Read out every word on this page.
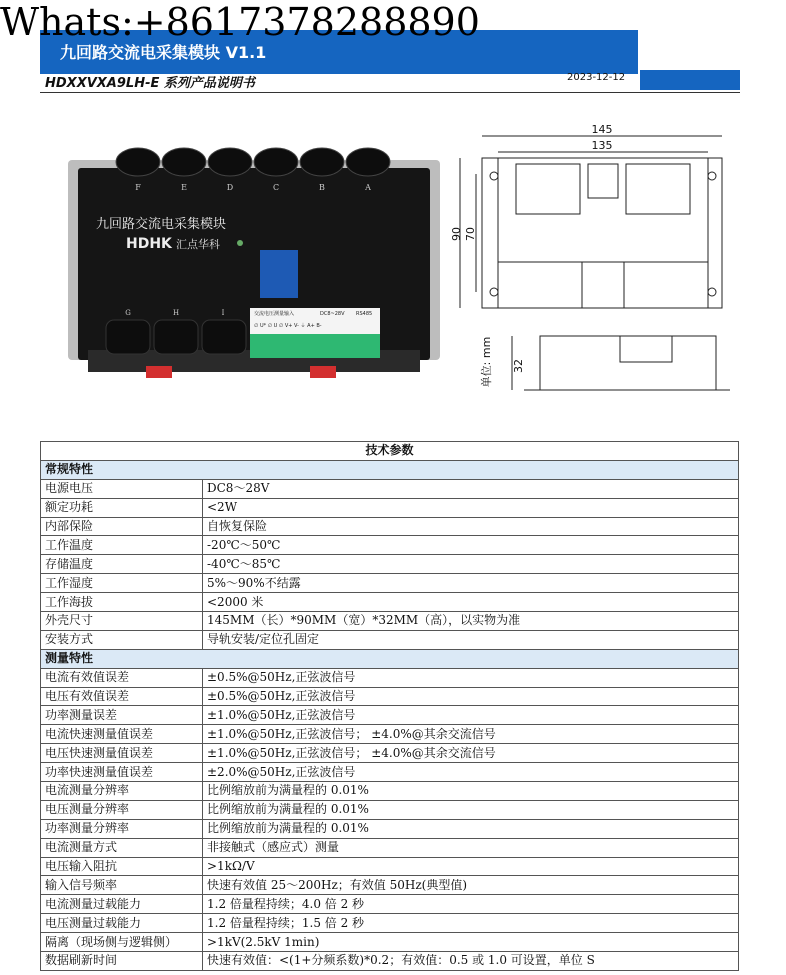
九回路交流电采集模块 V1.1
Whats:+8617378288890
HDXXVXA9LH-E 系列产品说明书	2023-12-12
F	E	D	C	B	A
九回路交流电采集模块
HDHK 汇点华科
G	H	I	交流电压测量输入	DC8~28V RS485
∅ U* ∅ U ∅ V+ V- ⏚ A+ B-
145
135
90 70
32
单位: mm
技术参数	
常规特性	
电源电压	DC8～28V
额定功耗	<2W
内部保险	自恢复保险
工作温度	-20℃～50℃
存储温度	-40℃～85℃
工作湿度	5%～90%不结露
工作海拔	<2000 米
外壳尺寸	145MM（长）*90MM（宽）*32MM（高），以实物为准
安装方式	导轨安装/定位孔固定
测量特性	
电流有效值误差	±0.5%@50Hz,正弦波信号
电压有效值误差	±0.5%@50Hz,正弦波信号
功率测量误差	±1.0%@50Hz,正弦波信号
电流快速测量值误差	±1.0%@50Hz,正弦波信号； ±4.0%@其余交流信号
电压快速测量值误差	±1.0%@50Hz,正弦波信号； ±4.0%@其余交流信号
功率快速测量值误差	±2.0%@50Hz,正弦波信号
电流测量分辨率	比例缩放前为满量程的 0.01%
电压测量分辨率	比例缩放前为满量程的 0.01%
功率测量分辨率	比例缩放前为满量程的 0.01%
电流测量方式	非接触式（感应式）测量
电压输入阻抗	>1kΩ/V
输入信号频率	快速有效值 25～200Hz；有效值 50Hz(典型值)
电流测量过载能力	1.2 倍量程持续；4.0 倍 2 秒
电压测量过载能力	1.2 倍量程持续；1.5 倍 2 秒
隔离（现场侧与逻辑侧）	>1kV(2.5kV 1min)
数据刷新时间	快速有效值：<(1+分频系数)*0.2；有效值：0.5 或 1.0 可设置，单位 S
